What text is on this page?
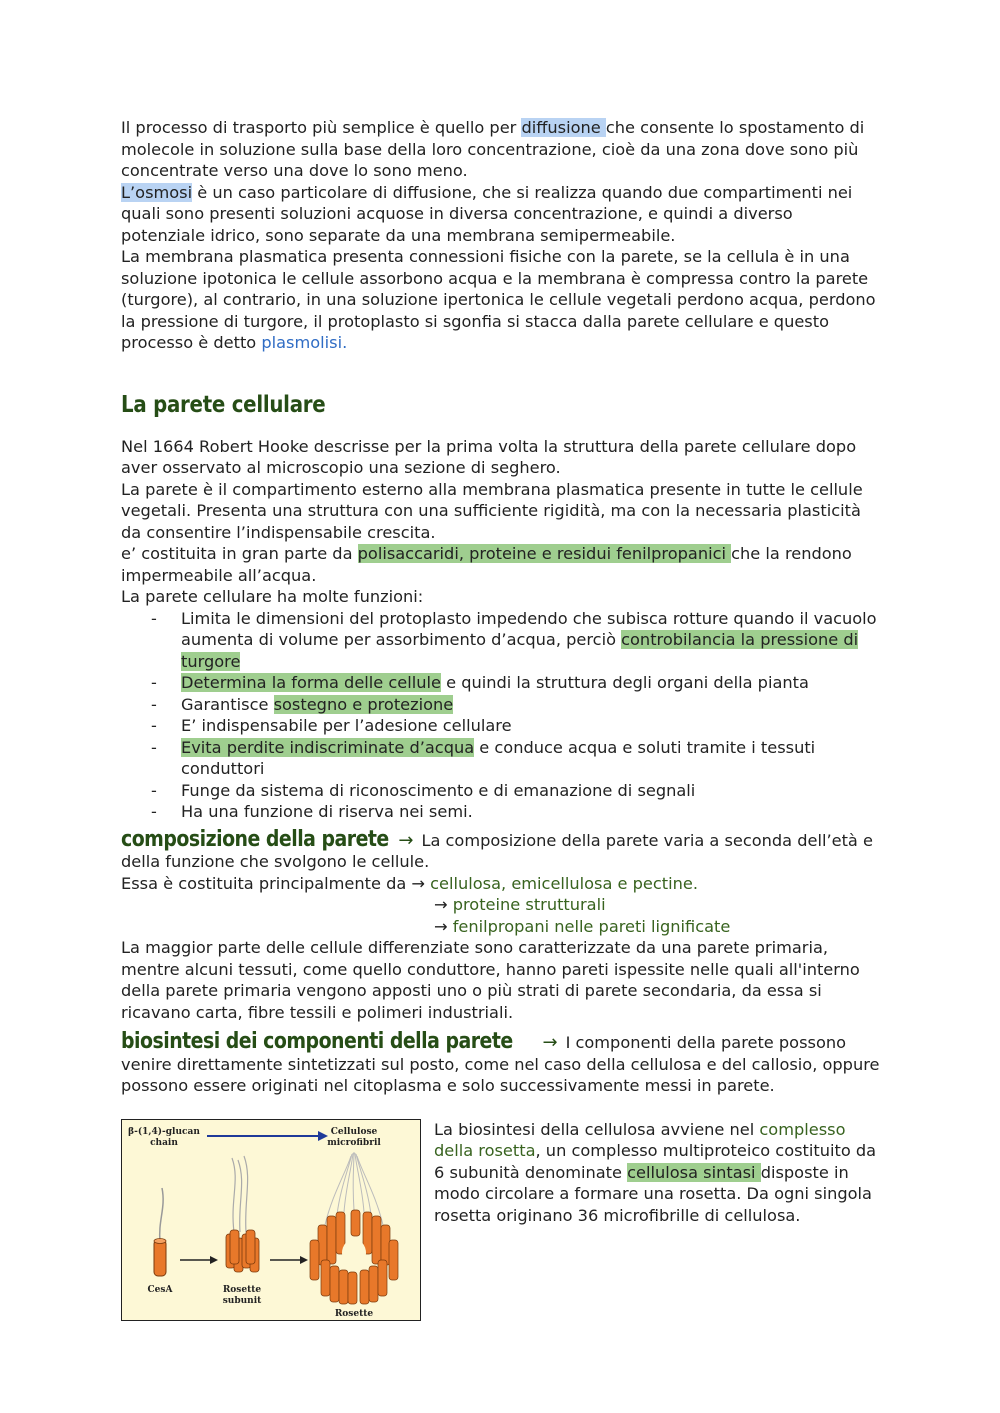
Il processo di trasporto più semplice è quello per diffusione che consente lo spostamento di molecole in soluzione sulla base della loro concentrazione, cioè da una zona dove sono più concentrate verso una dove lo sono meno.

L’osmosi è un caso particolare di diffusione, che si realizza quando due compartimenti nei quali sono presenti soluzioni acquose in diversa concentrazione, e quindi a diverso potenziale idrico, sono separate da una membrana semipermeabile.

La membrana plasmatica presenta connessioni fisiche con la parete, se la cellula è in una soluzione ipotonica le cellule assorbono acqua e la membrana è compressa contro la parete (turgore), al contrario, in una soluzione ipertonica le cellule vegetali perdono acqua, perdono la pressione di turgore, il protoplasto si sgonfia si stacca dalla parete cellulare e questo processo è detto plasmolisi.

La parete cellulare

Nel 1664 Robert Hooke descrisse per la prima volta la struttura della parete cellulare dopo aver osservato al microscopio una sezione di seghero.

La parete è il compartimento esterno alla membrana plasmatica presente in tutte le cellule vegetali. Presenta una struttura con una sufficiente rigidità, ma con la necessaria plasticità da consentire l’indispensabile crescita.

e’ costituita in gran parte da polisaccaridi, proteine e residui fenilpropanici che la rendono impermeabile all’acqua.

La parete cellulare ha molte funzioni:

- Limita le dimensioni del protoplasto impedendo che subisca rotture quando il vacuolo aumenta di volume per assorbimento d’acqua, perciò controbilancia la pressione di turgore
- Determina la forma delle cellule e quindi la struttura degli organi della pianta
- Garantisce sostegno e protezione
- E’ indispensabile per l’adesione cellulare
- Evita perdite indiscriminate d’acqua e conduce acqua e soluti tramite i tessuti conduttori
- Funge da sistema di riconoscimento e di emanazione di segnali
- Ha una funzione di riserva nei semi.

composizione della parete → La composizione della parete varia a seconda dell’età e della funzione che svolgono le cellule.

Essa è costituita principalmente da → cellulosa, emicellulosa e pectine.

→ proteine strutturali

→ fenilpropani nelle pareti lignificate

La maggior parte delle cellule differenziate sono caratterizzate da una parete primaria, mentre alcuni tessuti, come quello conduttore, hanno pareti ispessite nelle quali all'interno della parete primaria vengono apposti uno o più strati di parete secondaria, da essa si ricavano carta, fibre tessili e polimeri industriali.

biosintesi dei componenti della parete → I componenti della parete possono venire direttamente sintetizzati sul posto, come nel caso della cellulosa e del callosio, oppure possono essere originati nel citoplasma e solo successivamente messi in parete.

β-(1,4)-glucan
chain
Cellulose
microfibril
CesA	Rosette
subunit
Rosette

La biosintesi della cellulosa avviene nel complesso della rosetta, un complesso multiproteico costituito da 6 subunità denominate cellulosa sintasi disposte in modo circolare a formare una rosetta. Da ogni singola rosetta originano 36 microfibrille di cellulosa.
